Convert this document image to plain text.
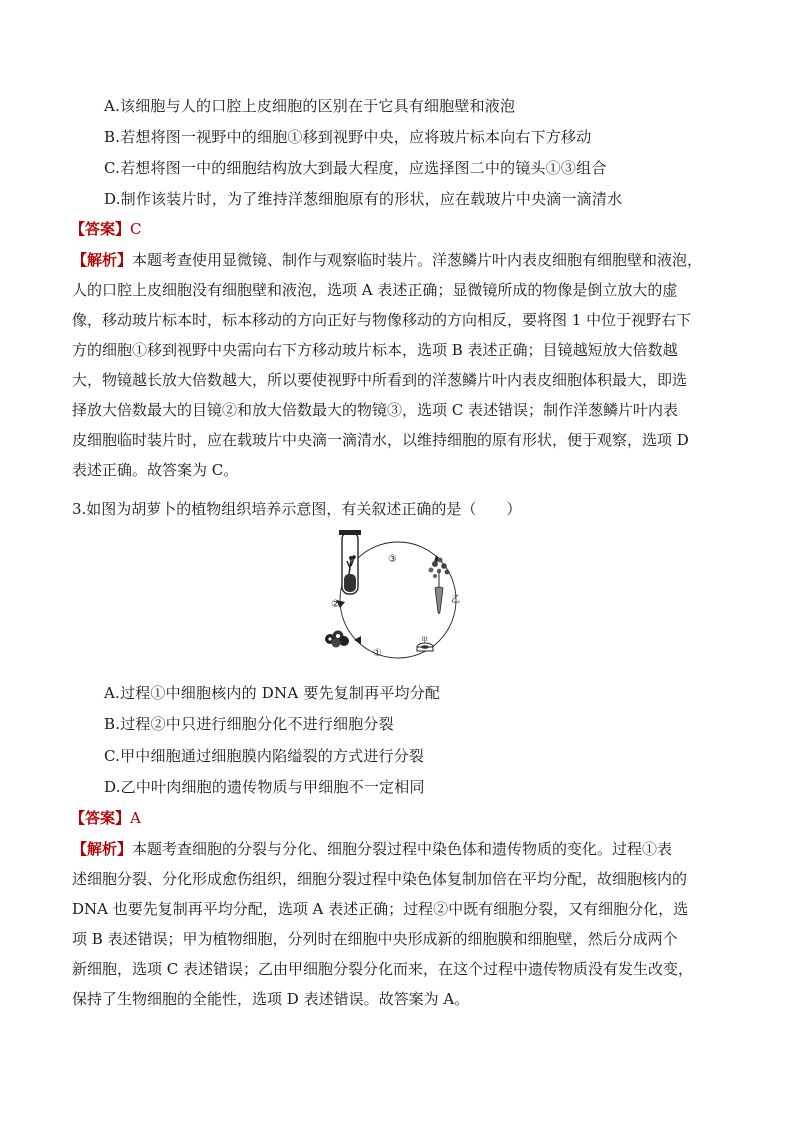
A.该细胞与人的口腔上皮细胞的区别在于它具有细胞壁和液泡
B.若想将图一视野中的细胞①移到视野中央，应将玻片标本向右下方移动
C.若想将图一中的细胞结构放大到最大程度，应选择图二中的镜头①③组合
D.制作该装片时，为了维持洋葱细胞原有的形状，应在载玻片中央滴一滴清水
【答案】C
【解析】本题考查使用显微镜、制作与观察临时装片。洋葱鳞片叶内表皮细胞有细胞壁和液泡，
人的口腔上皮细胞没有细胞壁和液泡，选项 A 表述正确；显微镜所成的物像是倒立放大的虚
像，移动玻片标本时，标本移动的方向正好与物像移动的方向相反，要将图 1 中位于视野右下
方的细胞①移到视野中央需向右下方移动玻片标本，选项 B 表述正确；目镜越短放大倍数越
大，物镜越长放大倍数越大，所以要使视野中所看到的洋葱鳞片叶内表皮细胞体积最大，即选
择放大倍数最大的目镜②和放大倍数最大的物镜③，选项 C 表述错误；制作洋葱鳞片叶内表
皮细胞临时装片时，应在载玻片中央滴一滴清水，以维持细胞的原有形状，便于观察，选项 D
表述正确。故答案为 C。
3.如图为胡萝卜的植物组织培养示意图，有关叙述正确的是（　　）
③
②
①
甲
乙
A.过程①中细胞核内的 DNA 要先复制再平均分配
B.过程②中只进行细胞分化不进行细胞分裂
C.甲中细胞通过细胞膜内陷缢裂的方式进行分裂
D.乙中叶肉细胞的遗传物质与甲细胞不一定相同
【答案】A
【解析】本题考查细胞的分裂与分化、细胞分裂过程中染色体和遗传物质的变化。过程①表
述细胞分裂、分化形成愈伤组织，细胞分裂过程中染色体复制加倍在平均分配，故细胞核内的
DNA 也要先复制再平均分配，选项 A 表述正确；过程②中既有细胞分裂，又有细胞分化，选
项 B 表述错误；甲为植物细胞，分列时在细胞中央形成新的细胞膜和细胞壁，然后分成两个
新细胞，选项 C 表述错误；乙由甲细胞分裂分化而来，在这个过程中遗传物质没有发生改变，
保持了生物细胞的全能性，选项 D 表述错误。故答案为 A。
